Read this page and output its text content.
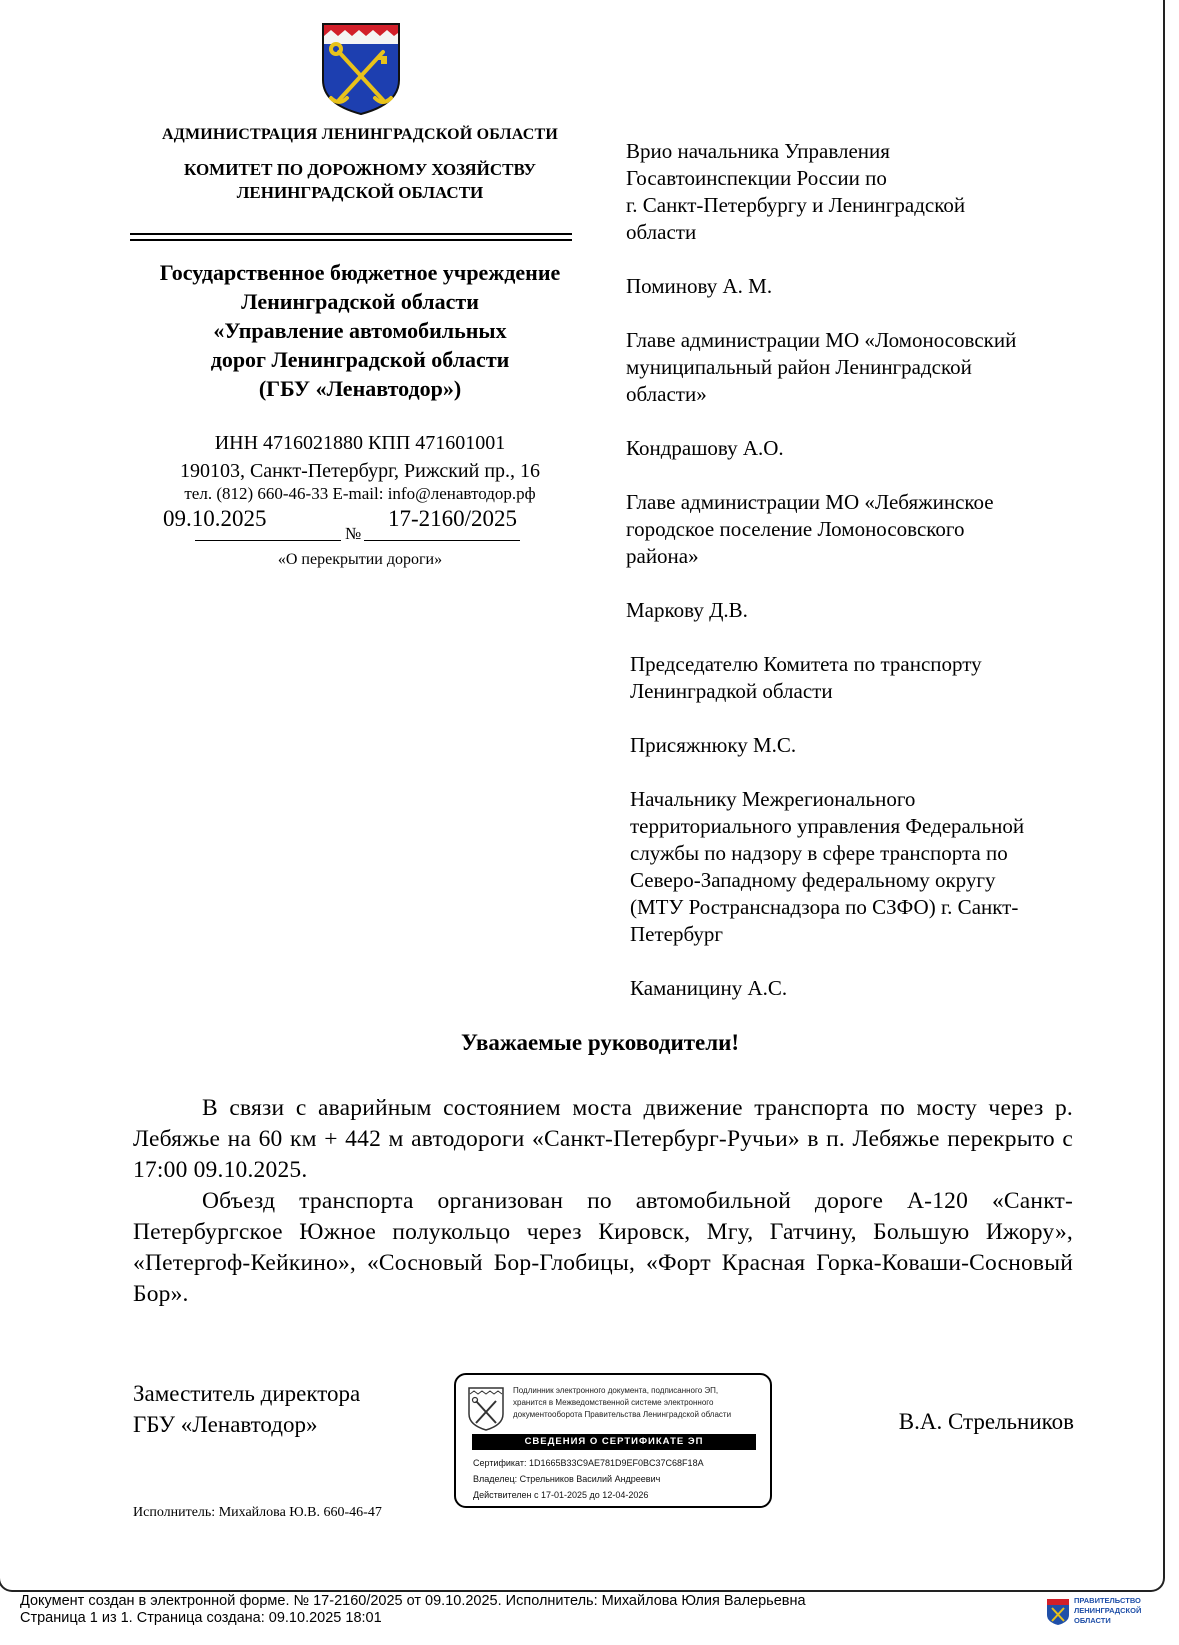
АДМИНИСТРАЦИЯ ЛЕНИНГРАДСКОЙ ОБЛАСТИ
КОМИТЕТ ПО ДОРОЖНОМУ ХОЗЯЙСТВУ
ЛЕНИНГРАДСКОЙ ОБЛАСТИ
Государственное бюджетное учреждение
Ленинградской области
«Управление автомобильных
дорог Ленинградской области
(ГБУ «Ленавтодор»)
ИНН 4716021880 КПП 471601001
190103, Санкт-Петербург, Рижский пр., 16
тел. (812) 660-46-33 E-mail: info@ленавтодор.рф
09.10.2025	17-2160/2025
№
«О перекрытии дороги»
Врио начальника Управления
Госавтоинспекции России по
г. Санкт-Петербургу и Ленинградской
области
Поминову А. М.
Главе администрации МО «Ломоносовский
муниципальный район Ленинградской
области»
Кондрашову А.О.
Главе администрации МО «Лебяжинское
городское поселение Ломоносовского
района»
Маркову Д.В.
Председателю Комитета по транспорту
Ленинградкой области
Присяжнюку М.С.
Начальнику Межрегионального
территориального управления Федеральной
службы по надзору в сфере транспорта по
Северо-Западному федеральному округу
(МТУ Ространснадзора по СЗФО) г. Санкт-
Петербург
Каманицину А.С.
Уважаемые руководители!

В связи с аварийным состоянием моста движение транспорта по мосту через р. Лебяжье на 60 км + 442 м автодороги «Санкт-Петербург-Ручьи» в п. Лебяжье перекрыто с 17:00 09.10.2025.

Объезд транспорта организован по автомобильной дороге А-120 «Санкт-Петербургское Южное полукольцо через Кировск, Мгу, Гатчину, Большую Ижору», «Петергоф-Кейкино», «Сосновый Бор-Глобицы, «Форт Красная Горка-Коваши-Сосновый Бор».

Заместитель директора
ГБУ «Ленавтодор»	В.А. Стрельников
Подлинник электронного документа, подписанного ЭП,
хранится в Межведомственной системе электронного
документооборота Правительства Ленинградской области
СВЕДЕНИЯ О СЕРТИФИКАТЕ ЭП
Сертификат: 1D1665B33C9AE781D9EF0BC37C68F18A
Владелец: Стрельников Василий Андреевич
Действителен с 17-01-2025 до 12-04-2026
Исполнитель: Михайлова Ю.В. 660-46-47
Документ создан в электронной форме. № 17-2160/2025 от 09.10.2025. Исполнитель: Михайлова Юлия Валерьевна
Страница 1 из 1. Страница создана: 09.10.2025 18:01
ПРАВИТЕЛЬСТВО
ЛЕНИНГРАДСКОЙ
ОБЛАСТИ
